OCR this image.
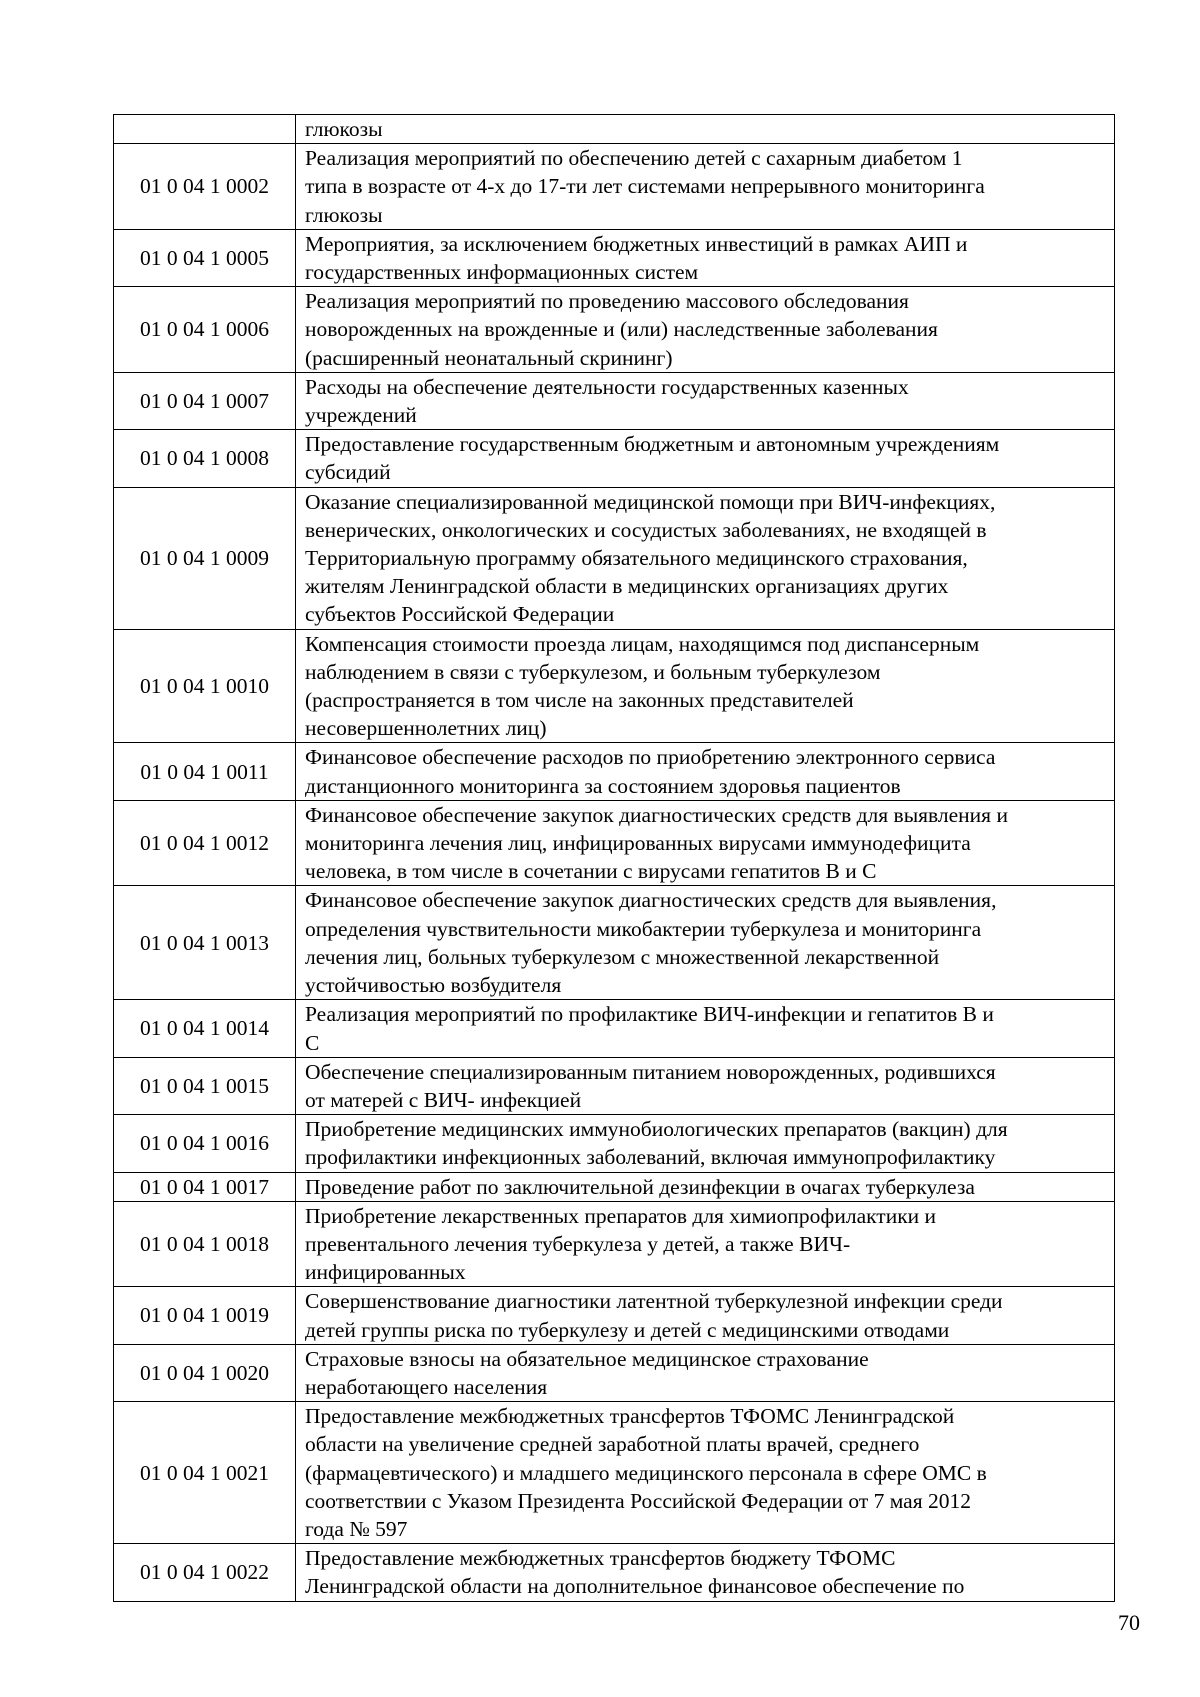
	глюкозы

01 0 04 1 0002	Реализация мероприятий по обеспечению детей с сахарным диабетом 1
типа в возрасте от 4-х до 17-ти лет системами непрерывного мониторинга
глюкозы

01 0 04 1 0005	Мероприятия, за исключением бюджетных инвестиций в рамках АИП и
государственных информационных систем

01 0 04 1 0006	Реализация мероприятий по проведению массового обследования
новорожденных на врожденные и (или) наследственные заболевания
(расширенный неонатальный скрининг)

01 0 04 1 0007	Расходы на обеспечение деятельности государственных казенных
учреждений

01 0 04 1 0008	Предоставление государственным бюджетным и автономным учреждениям
субсидий

01 0 04 1 0009	Оказание специализированной медицинской помощи при ВИЧ-инфекциях,
венерических, онкологических и сосудистых заболеваниях, не входящей в
Территориальную программу обязательного медицинского страхования,
жителям Ленинградской области в медицинских организациях других
субъектов Российской Федерации

01 0 04 1 0010	Компенсация стоимости проезда лицам, находящимся под диспансерным
наблюдением в связи с туберкулезом, и больным туберкулезом
(распространяется в том числе на законных представителей
несовершеннолетних лиц)

01 0 04 1 0011	Финансовое обеспечение расходов по приобретению электронного сервиса
дистанционного мониторинга за состоянием здоровья пациентов

01 0 04 1 0012	Финансовое обеспечение закупок диагностических средств для выявления и
мониторинга лечения лиц, инфицированных вирусами иммунодефицита
человека, в том числе в сочетании с вирусами гепатитов B и C

01 0 04 1 0013	Финансовое обеспечение закупок диагностических средств для выявления,
определения чувствительности микобактерии туберкулеза и мониторинга
лечения лиц, больных туберкулезом с множественной лекарственной
устойчивостью возбудителя

01 0 04 1 0014	Реализация мероприятий по профилактике ВИЧ-инфекции и гепатитов B и
C

01 0 04 1 0015	Обеспечение специализированным питанием новорожденных, родившихся
от матерей с ВИЧ- инфекцией

01 0 04 1 0016	Приобретение медицинских иммунобиологических препаратов (вакцин) для
профилактики инфекционных заболеваний, включая иммунопрофилактику

01 0 04 1 0017	Проведение работ по заключительной дезинфекции в очагах туберкулеза

01 0 04 1 0018	Приобретение лекарственных препаратов для химиопрофилактики и
превентального лечения туберкулеза у детей, а также ВИЧ-
инфицированных

01 0 04 1 0019	Совершенствование диагностики латентной туберкулезной инфекции среди
детей группы риска по туберкулезу и детей с медицинскими отводами

01 0 04 1 0020	Страховые взносы на обязательное медицинское страхование
неработающего населения

01 0 04 1 0021	Предоставление межбюджетных трансфертов ТФОМС Ленинградской
области на увеличение средней заработной платы врачей, среднего
(фармацевтического) и младшего медицинского персонала в сфере ОМС в
соответствии с Указом Президента Российской Федерации от 7 мая 2012
года № 597

01 0 04 1 0022	Предоставление межбюджетных трансфертов бюджету ТФОМС
Ленинградской области на дополнительное финансовое обеспечение по
70
